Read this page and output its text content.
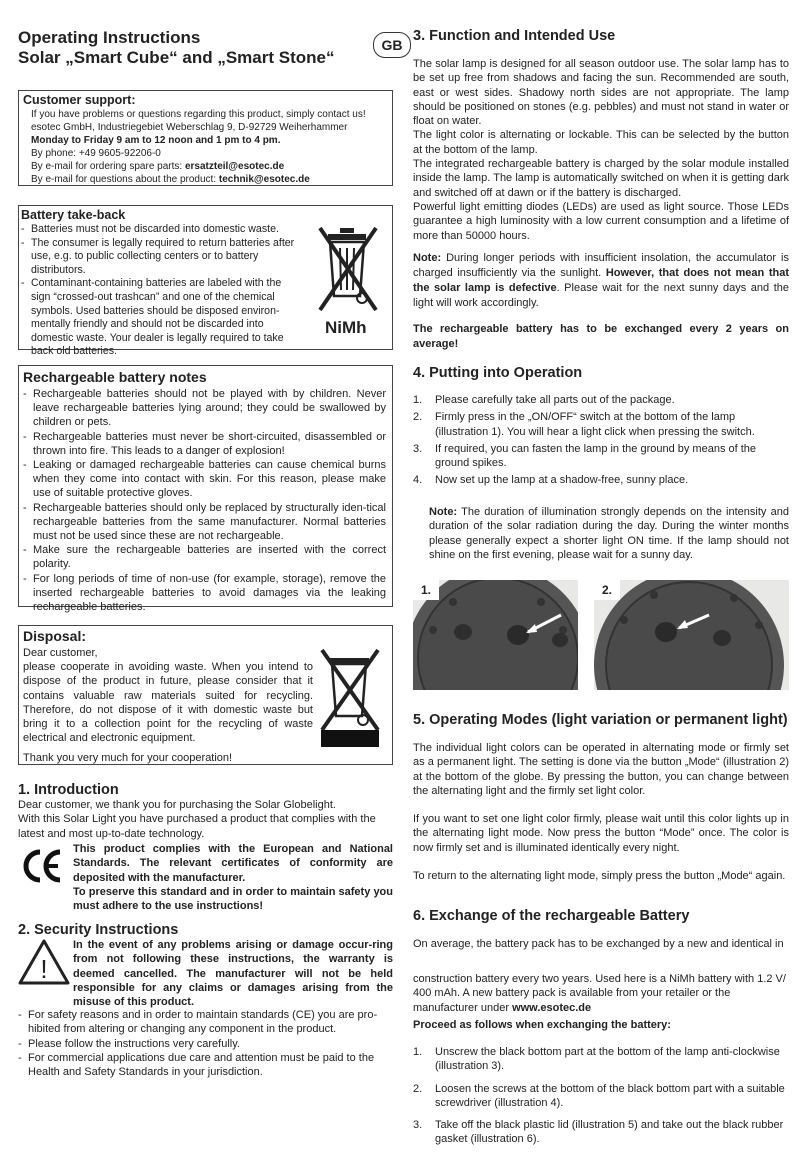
Operating Instructions
Solar „Smart Cube“ and „Smart Stone“
GB
Customer support:
If you have problems or questions regarding this product, simply contact us!
esotec GmbH, Industriegebiet Weberschlag 9, D-92729 Weiherhammer
Monday to Friday 9 am to 12 noon and 1 pm to 4 pm.
By phone: +49 9605-92206-0
By e-mail for ordering spare parts: ersatzteil@esotec.de
By e-mail for questions about the product: technik@esotec.de
Battery take-back
- Batteries must not be discarded into domestic waste.
- The consumer is legally required to return batteries after use, e.g. to public collecting centers or to battery distributors.
- Contaminant-containing batteries are labeled with the sign “crossed-out trashcan” and one of the chemical symbols. Used batteries should be disposed environ-mentally friendly and should not be discarded into domestic waste. Your dealer is legally required to take back old batteries.
NiMh
Rechargeable battery notes
- Rechargeable batteries should not be played with by children. Never leave rechargeable batteries lying around; they could be swallowed by children or pets.
- Rechargeable batteries must never be short-circuited, disassembled or thrown into fire. This leads to a danger of explosion!
- Leaking or damaged rechargeable batteries can cause chemical burns when they come into contact with skin. For this reason, please make use of suitable protective gloves.
- Rechargeable batteries should only be replaced by structurally iden-tical rechargeable batteries from the same manufacturer. Normal batteries must not be used since these are not rechargeable.
- Make sure the rechargeable batteries are inserted with the correct polarity.
- For long periods of time of non-use (for example, storage), remove the inserted rechargeable batteries to avoid damages via the leaking rechargeable batteries.
Disposal:
Dear customer,
please cooperate in avoiding waste. When you intend to dispose of the product in future, please consider that it contains valuable raw materials suited for recycling. Therefore, do not dispose of it with domestic waste but bring it to a collection point for the recycling of waste electrical and electronic equipment.
Thank you very much for your cooperation!
1. Introduction
Dear customer, we thank you for purchasing the Solar Globelight.
With this Solar Light you have purchased a product that complies with the latest and most up-to-date technology.
CE	This product complies with the European and National Standards. The relevant certificates of conformity are deposited with the manufacturer.
To preserve this standard and in order to maintain safety you must adhere to the use instructions!
2. Security Instructions
!
In the event of any problems arising or damage occur-ring from not following these instructions, the warranty is deemed cancelled. The manufacturer will not be held responsible for any claims or damages arising from the misuse of this product.
- For safety reasons and in order to maintain standards (CE) you are pro-hibited from altering or changing any component in the product.
- Please follow the instructions very carefully.
- For commercial applications due care and attention must be paid to the Health and Safety Standards in your jurisdiction.
3. Function and Intended Use
The solar lamp is designed for all season outdoor use. The solar lamp has to be set up free from shadows and facing the sun. Recommended are south, east or west sides. Shadowy north sides are not appropriate. The lamp should be positioned on stones (e.g. pebbles) and must not stand in water or float on water.
The light color is alternating or lockable. This can be selected by the button at the bottom of the lamp.
The integrated rechargeable battery is charged by the solar module installed inside the lamp. The lamp is automatically switched on when it is getting dark and switched off at dawn or if the battery is discharged.
Powerful light emitting diodes (LEDs) are used as light source. Those LEDs guarantee a high luminosity with a low current consumption and a lifetime of more than 50000 hours.
Note: During longer periods with insufficient insolation, the accumulator is charged insufficiently via the sunlight. However, that does not mean that the solar lamp is defective. Please wait for the next sunny days and the light will work accordingly.
The rechargeable battery has to be exchanged every 2 years on average!
4. Putting into Operation
1. Please carefully take all parts out of the package.
2. Firmly press in the „ON/OFF“ switch at the bottom of the lamp (illustration 1). You will hear a light click when pressing the switch.
3. If required, you can fasten the lamp in the ground by means of the ground spikes.
4. Now set up the lamp at a shadow-free, sunny place.
Note: The duration of illumination strongly depends on the intensity and duration of the solar radiation during the day. During the winter months please generally expect a shorter light ON time. If the lamp should not shine on the first evening, please wait for a sunny day.
1.	2.
5. Operating Modes (light variation or permanent light)
The individual light colors can be operated in alternating mode or firmly set as a permanent light. The setting is done via the button „Mode“ (illustration 2) at the bottom of the globe. By pressing the button, you can change between the alternating light and the firmly set light color.
If you want to set one light color firmly, please wait until this color lights up in the alternating light mode. Now press the button “Mode” once. The color is now firmly set and is illuminated identically every night.
To return to the alternating light mode, simply press the button „Mode“ again.
6. Exchange of the rechargeable Battery
On average, the battery pack has to be exchanged by a new and identical in
construction battery every two years. Used here is a NiMh battery with 1.2 V/ 400 mAh. A new battery pack is available from your retailer or the manufacturer under www.esotec.de
Proceed as follows when exchanging the battery:
1. Unscrew the black bottom part at the bottom of the lamp anti-clockwise (illustration 3).
2. Loosen the screws at the bottom of the black bottom part with a suitable screwdriver (illustration 4).
3. Take off the black plastic lid (illustration 5) and take out the black rubber gasket (illustration 6).
